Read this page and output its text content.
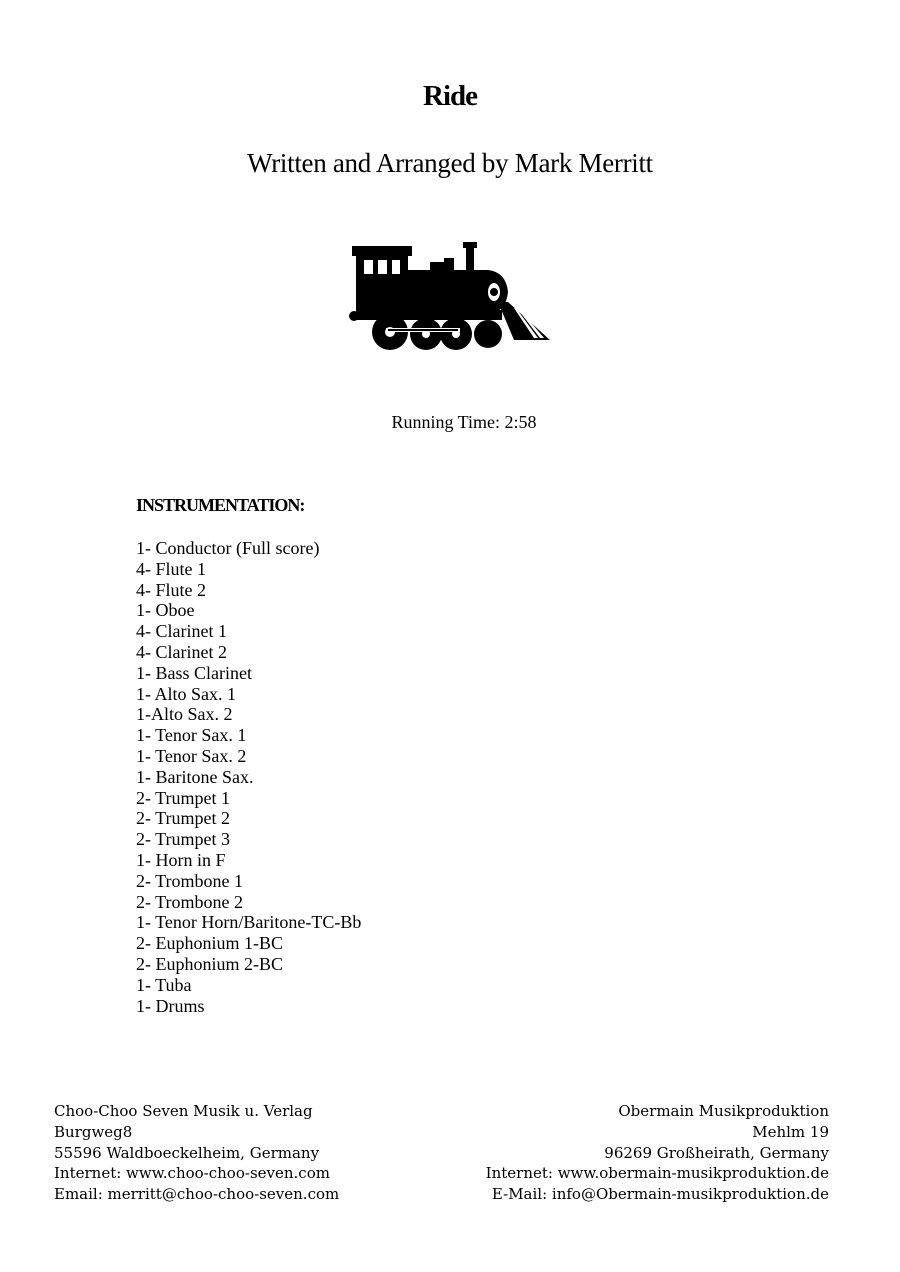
Ride
Written and Arranged by Mark Merritt
Running Time: 2:58
INSTRUMENTATION:
1- Conductor (Full score)
4- Flute 1
4- Flute 2
1- Oboe
4- Clarinet 1
4- Clarinet 2
1- Bass Clarinet
1- Alto Sax. 1
1-Alto Sax. 2
1- Tenor Sax. 1
1- Tenor Sax. 2
1- Baritone Sax.
2- Trumpet 1
2- Trumpet 2
2- Trumpet 3
1- Horn in F
2- Trombone 1
2- Trombone 2
1- Tenor Horn/Baritone-TC-Bb
2- Euphonium 1-BC
2- Euphonium 2-BC
1- Tuba
1- Drums
Choo-Choo Seven Musik u. Verlag
Burgweg8
55596 Waldboeckelheim, Germany
Internet: www.choo-choo-seven.com
Email: merritt@choo-choo-seven.com
Obermain Musikproduktion
Mehlm 19
96269 Großheirath, Germany
Internet: www.obermain-musikproduktion.de
E-Mail: info@Obermain-musikproduktion.de
